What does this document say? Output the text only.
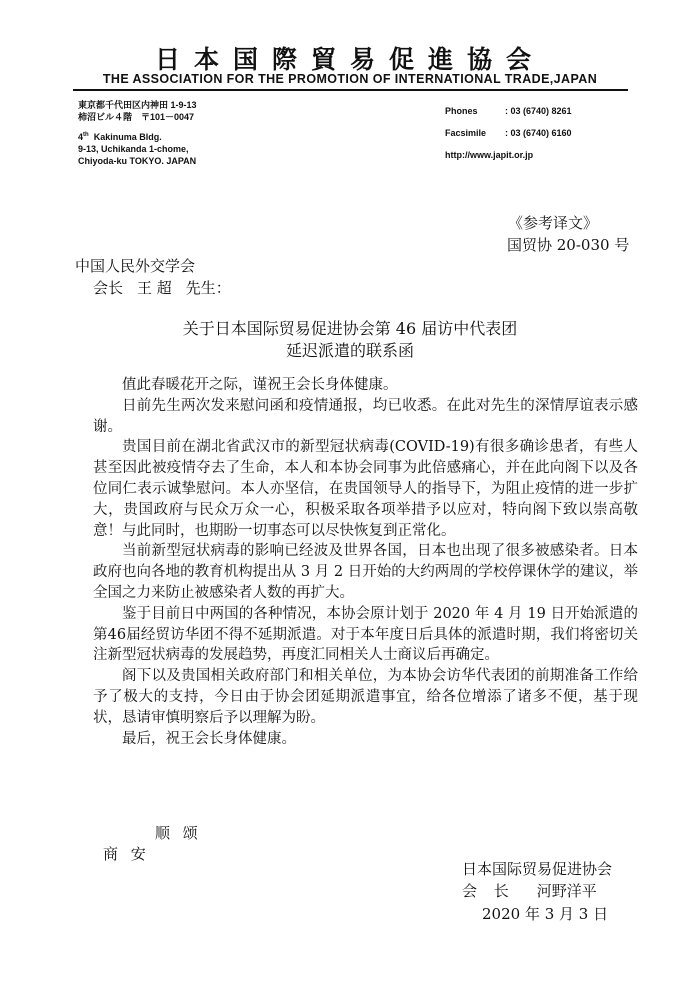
日本国際貿易促進協会
THE ASSOCIATION FOR THE PROMOTION OF INTERNATIONAL TRADE,JAPAN
東京都千代田区内神田 1-9-13
柿沼ビル４階　〒101－0047
4th Kakinuma Bldg.
9-13, Uchikanda 1-chome,
Chiyoda-ku TOKYO. JAPAN
Phones	: 03 (6740) 8261
Facsimile : 03 (6740) 6160
http://www.japit.or.jp
《参考译文》
国贸协 20-030 号
中国人民外交学会
会长 王 超 先生：
关于日本国际贸易促进协会第 46 届访中代表团
延迟派遣的联系函

值此春暖花开之际，谨祝王会长身体健康。

日前先生两次发来慰问函和疫情通报，均已收悉。在此对先生的深情厚谊表示感谢。

贵国目前在湖北省武汉市的新型冠状病毒(COVID-19)有很多确诊患者，有些人甚至因此被疫情夺去了生命，本人和本协会同事为此倍感痛心，并在此向阁下以及各位同仁表示诚挚慰问。本人亦坚信，在贵国领导人的指导下，为阻止疫情的进一步扩大，贵国政府与民众万众一心，积极采取各项举措予以应对，特向阁下致以崇高敬意！与此同时，也期盼一切事态可以尽快恢复到正常化。

当前新型冠状病毒的影响已经波及世界各国，日本也出现了很多被感染者。日本政府也向各地的教育机构提出从 3 月 2 日开始的大约两周的学校停课休学的建议，举全国之力来防止被感染者人数的再扩大。

鉴于目前日中两国的各种情况，本协会原计划于 2020 年 4 月 19 日开始派遣的第46届经贸访华团不得不延期派遣。对于本年度日后具体的派遣时期，我们将密切关注新型冠状病毒的发展趋势，再度汇同相关人士商议后再确定。

阁下以及贵国相关政府部门和相关单位，为本协会访华代表团的前期准备工作给予了极大的支持，今日由于协会团延期派遣事宜，给各位增添了诸多不便，基于现状，恳请审慎明察后予以理解为盼。

最后，祝王会长身体健康。

顺 颂
商 安
日本国际贸易促进协会
会 长 河野洋平
2020 年 3 月 3 日
